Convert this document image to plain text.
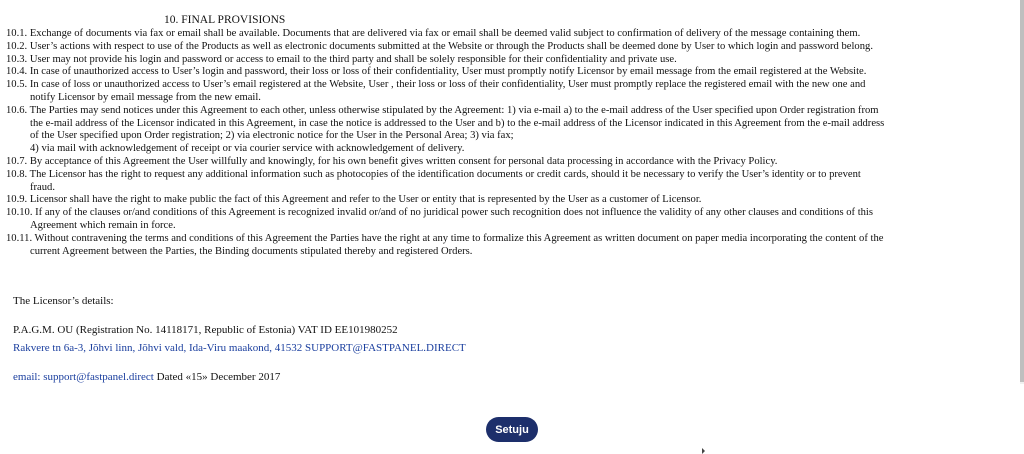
10. FINAL PROVISIONS
10.1. Exchange of documents via fax or email shall be available. Documents that are delivered via fax or email shall be deemed valid subject to confirmation of delivery of the message containing them.
10.2. User’s actions with respect to use of the Products as well as electronic documents submitted at the Website or through the Products shall be deemed done by User to which login and password belong.
10.3. User may not provide his login and password or access to email to the third party and shall be solely responsible for their confidentiality and private use.
10.4. In case of unauthorized access to User’s login and password, their loss or loss of their confidentiality, User must promptly notify Licensor by email message from the email registered at the Website.
10.5. In case of loss or unauthorized access to User’s email registered at the Website, User , their loss or loss of their confidentiality, User must promptly replace the registered email with the new one and
notify Licensor by email message from the new email.
10.6. The Parties may send notices under this Agreement to each other, unless otherwise stipulated by the Agreement: 1) via e-mail a) to the e-mail address of the User specified upon Order registration from
the e-mail address of the Licensor indicated in this Agreement, in case the notice is addressed to the User and b) to the e-mail address of the Licensor indicated in this Agreement from the e-mail address
of the User specified upon Order registration; 2) via electronic notice for the User in the Personal Area; 3) via fax;
4) via mail with acknowledgement of receipt or via courier service with acknowledgement of delivery.
10.7. By acceptance of this Agreement the User willfully and knowingly, for his own benefit gives written consent for personal data processing in accordance with the Privacy Policy.
10.8. The Licensor has the right to request any additional information such as photocopies of the identification documents or credit cards, should it be necessary to verify the User’s identity or to prevent
fraud.
10.9. Licensor shall have the right to make public the fact of this Agreement and refer to the User or entity that is represented by the User as a customer of Licensor.
10.10. If any of the clauses or/and conditions of this Agreement is recognized invalid or/and of no juridical power such recognition does not influence the validity of any other clauses and conditions of this
Agreement which remain in force.
10.11. Without contravening the terms and conditions of this Agreement the Parties have the right at any time to formalize this Agreement as written document on paper media incorporating the content of the
current Agreement between the Parties, the Binding documents stipulated thereby and registered Orders.
The Licensor’s details:
P.A.G.M. OU (Registration No. 14118171, Republic of Estonia) VAT ID EE101980252
Rakvere tn 6a-3, Jõhvi linn, Jõhvi vald, Ida-Viru maakond, 41532 SUPPORT@FASTPANEL.DIRECT
email: support@fastpanel.direct Dated «15» December 2017
Setuju
